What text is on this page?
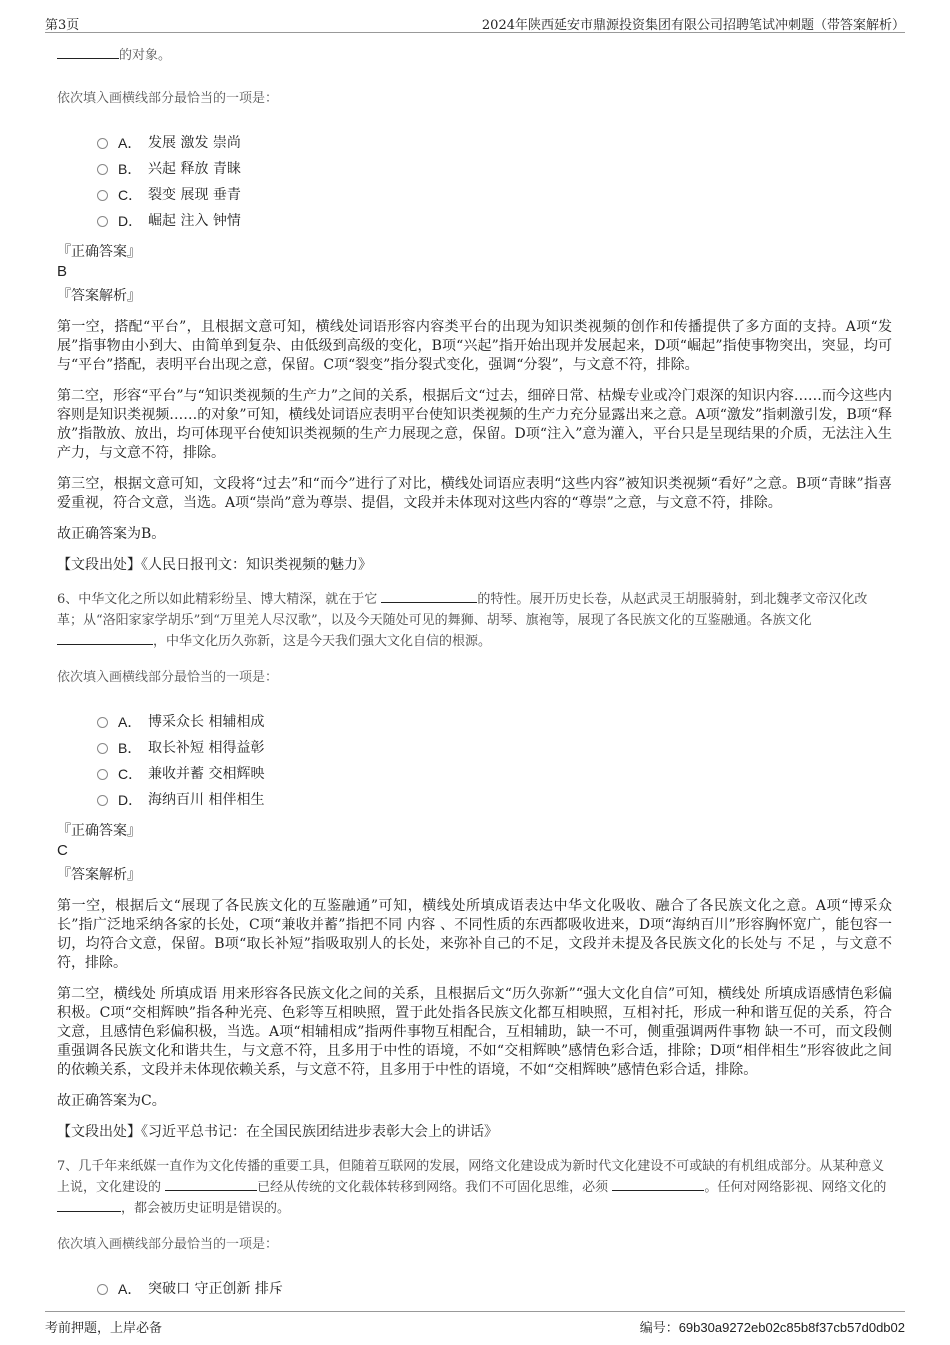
第3页	2024年陕西延安市鼎源投资集团有限公司招聘笔试冲刺题（带答案解析）
的对象。
依次填入画横线部分最恰当的一项是：
A． 发展 激发 崇尚
B． 兴起 释放 青睐
C． 裂变 展现 垂青
D． 崛起 注入 钟情
『正确答案』
B
『答案解析』

第一空，搭配“平台”，且根据文意可知，横线处词语形容内容类平台的出现为知识类视频的创作和传播提供了多方面的支持。A项“发展”指事物由小到大、由简单到复杂、由低级到高级的变化，B项“兴起”指开始出现并发展起来，D项“崛起”指使事物突出，突显，均可与“平台”搭配，表明平台出现之意，保留。C项“裂变”指分裂式变化，强调“分裂”，与文意不符，排除。

第二空，形容“平台”与“知识类视频的生产力”之间的关系，根据后文“过去，细碎日常、枯燥专业或冷门艰深的知识内容……而今这些内容则是知识类视频……的对象”可知，横线处词语应表明平台使知识类视频的生产力充分显露出来之意。A项“激发”指刺激引发，B项“释放”指散放、放出，均可体现平台使知识类视频的生产力展现之意，保留。D项“注入”意为灌入，平台只是呈现结果的介质，无法注入生产力，与文意不符，排除。

第三空，根据文意可知，文段将“过去”和“而今”进行了对比，横线处词语应表明“这些内容”被知识类视频“看好”之意。B项“青睐”指喜爱重视，符合文意，当选。A项“崇尚”意为尊崇、提倡，文段并未体现对这些内容的“尊崇”之意，与文意不符，排除。

故正确答案为B。

【文段出处】《人民日报刊文：知识类视频的魅力》

6、中华文化之所以如此精彩纷呈、博大精深，就在于它	的特性。展开历史长卷，从赵武灵王胡服骑射，到北魏孝文帝汉化改革；从“洛阳家家学胡乐”到“万里羌人尽汉歌”，以及今天随处可见的舞狮、胡琴、旗袍等，展现了各民族文化的互鉴融通。各族文化 ，中华文化历久弥新，这是今天我们强大文化自信的根源。
依次填入画横线部分最恰当的一项是：
A． 博采众长 相辅相成
B． 取长补短 相得益彰
C． 兼收并蓄 交相辉映
D． 海纳百川 相伴相生
『正确答案』
C
『答案解析』

第一空，根据后文“展现了各民族文化的互鉴融通”可知，横线处所填成语表达中华文化吸收、融合了各民族文化之意。A项“博采众长”指广泛地采纳各家的长处，C项“兼收并蓄”指把不同 内容 、不同性质的东西都吸收进来，D项“海纳百川”形容胸怀宽广，能包容一切，均符合文意，保留。B项“取长补短”指吸取别人的长处，来弥补自己的不足，文段并未提及各民族文化的长处与 不足 ，与文意不符，排除。

第二空，横线处 所填成语 用来形容各民族文化之间的关系，且根据后文“历久弥新”“强大文化自信”可知，横线处 所填成语感情色彩偏积极。C项“交相辉映”指各种光亮、色彩等互相映照，置于此处指各民族文化都互相映照，互相衬托，形成一种和谐互促的关系，符合文意，且感情色彩偏积极，当选。A项“相辅相成”指两件事物互相配合，互相辅助，缺一不可，侧重强调两件事物 缺一不可，而文段侧重强调各民族文化和谐共生，与文意不符，且多用于中性的语境，不如“交相辉映”感情色彩合适，排除；D项“相伴相生”形容彼此之间的依赖关系，文段并未体现依赖关系，与文意不符，且多用于中性的语境，不如“交相辉映”感情色彩合适，排除。

故正确答案为C。

【文段出处】《习近平总书记：在全国民族团结进步表彰大会上的讲话》

7、几千年来纸媒一直作为文化传播的重要工具，但随着互联网的发展，网络文化建设成为新时代文化建设不可或缺的有机组成部分。从某种意义上说，文化建设的	已经从传统的文化载体转移到网络。我们不可固化思维，必须	。任何对网络影视、网络文化的 ，都会被历史证明是错误的。
依次填入画横线部分最恰当的一项是：
A． 突破口 守正创新 排斥
考前押题，上岸必备	编号：69b30a9272eb02c85b8f37cb57d0db02
